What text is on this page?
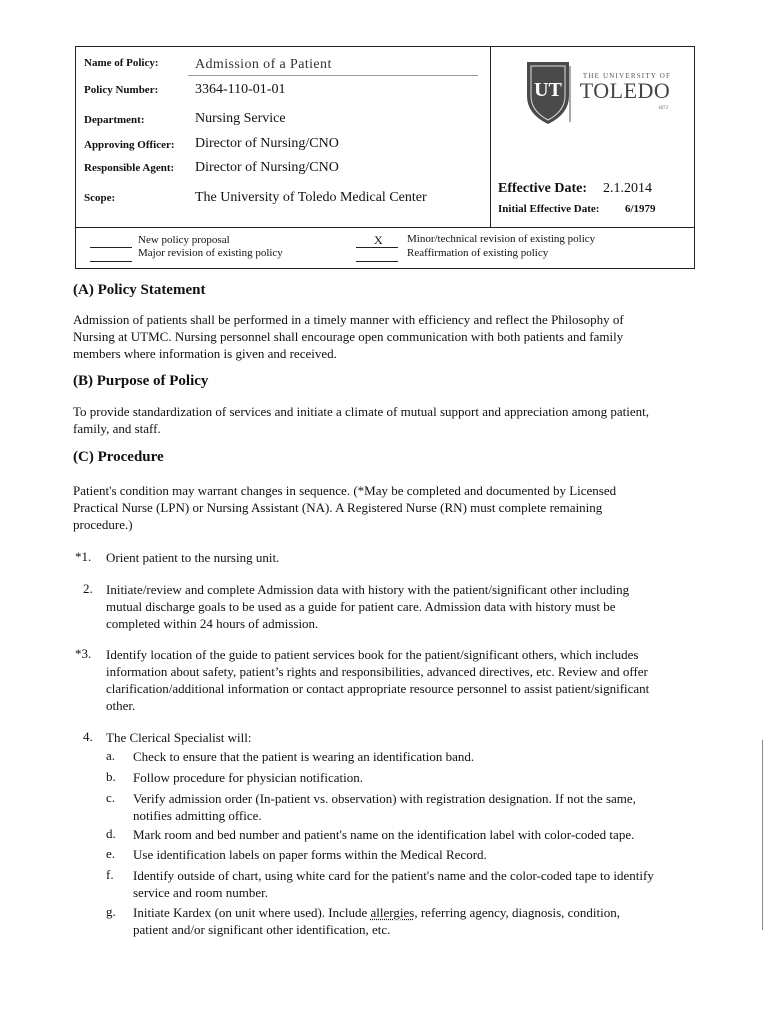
Name of Policy:	Admission of a Patient
Policy Number:	3364-110-01-01
Department:	Nursing Service
Approving Officer: Director of Nursing/CNO
Responsible Agent: Director of Nursing/CNO
Scope:	The University of Toledo Medical Center
UT
THE UNIVERSITY OF
TOLEDO
1872
Effective Date: 2.1.2014
Initial Effective Date: 6/1979
New policy proposal
Major revision of existing policy
X Minor/technical revision of existing policy
Reaffirmation of existing policy
(A) Policy Statement
Admission of patients shall be performed in a timely manner with efficiency and reflect the Philosophy of
Nursing at UTMC. Nursing personnel shall encourage open communication with both patients and family
members where information is given and received.
(B) Purpose of Policy
To provide standardization of services and initiate a climate of mutual support and appreciation among patient,
family, and staff.
(C) Procedure
Patient's condition may warrant changes in sequence. (*May be completed and documented by Licensed
Practical Nurse (LPN) or Nursing Assistant (NA). A Registered Nurse (RN) must complete remaining
procedure.)
*1. Orient patient to the nursing unit.
2. Initiate/review and complete Admission data with history with the patient/significant other including
mutual discharge goals to be used as a guide for patient care. Admission data with history must be
completed within 24 hours of admission.
*3. Identify location of the guide to patient services book for the patient/significant others, which includes
information about safety, patient’s rights and responsibilities, advanced directives, etc. Review and offer
clarification/additional information or contact appropriate resource personnel to assist patient/significant
other.
4. The Clerical Specialist will:
a. Check to ensure that the patient is wearing an identification band.
b. Follow procedure for physician notification.
c. Verify admission order (In-patient vs. observation) with registration designation. If not the same,
notifies admitting office.
d. Mark room and bed number and patient's name on the identification label with color-coded tape.
e. Use identification labels on paper forms within the Medical Record.
f. Identify outside of chart, using white card for the patient's name and the color-coded tape to identify
service and room number.
g. Initiate Kardex (on unit where used). Include allergies, referring agency, diagnosis, condition,
patient and/or significant other identification, etc.
